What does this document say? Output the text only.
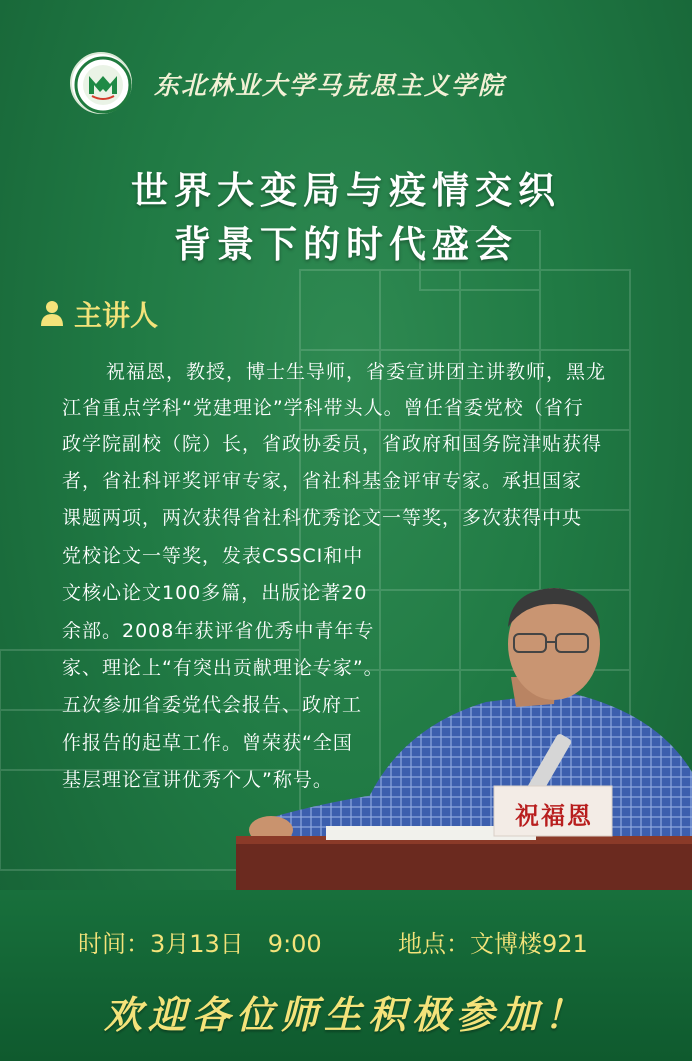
东北林业大学马克思主义学院
世界大变局与疫情交织
背景下的时代盛会
主讲人
祝福恩，教授，博士生导师，省委宣讲团主讲教师，黑龙
江省重点学科“党建理论”学科带头人。曾任省委党校（省行
政学院副校（院）长，省政协委员，省政府和国务院津贴获得
者，省社科评奖评审专家，省社科基金评审专家。承担国家
课题两项，两次获得省社科优秀论文一等奖，多次获得中央
党校论文一等奖，发表CSSCI和中
文核心论文100多篇，出版论著20
余部。2008年获评省优秀中青年专
家、理论上“有突出贡献理论专家”。
五次参加省委党代会报告、政府工
作报告的起草工作。曾荣获“全国
基层理论宣讲优秀个人”称号。
祝福恩
时间：3月13日　9:00	地点：文博楼921
欢迎各位师生积极参加！
